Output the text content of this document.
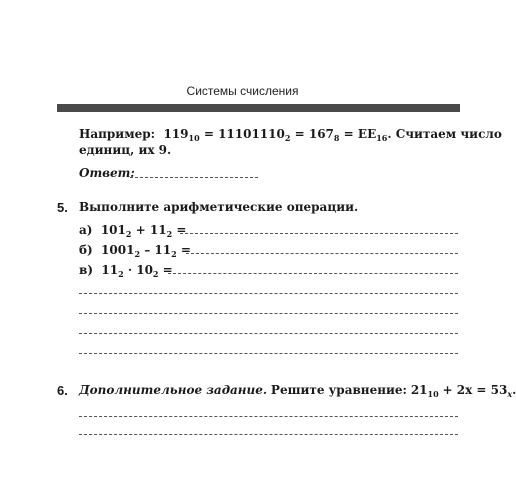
Системы счисления
Например: $119_{10} = 11101110_2 = 167_8 = EE_{16}$. Считаем число
единиц, их 9.
Ответ:
5. Выполните арифметические операции.
а) $101_2 + 11_2$ =
б) $1001_2 - 11_2$ =
в) $11_2 \cdot 10_2$ =
6. Дополнительное задание. Решите уравнение: $21_{10} + 2x = 53_x$.
